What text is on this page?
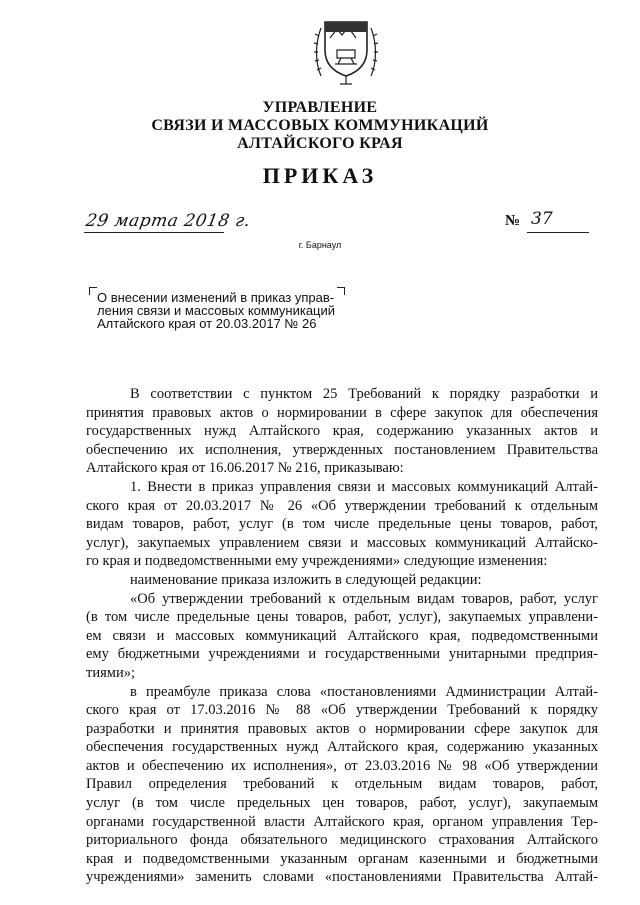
УПРАВЛЕНИЕ
СВЯЗИ И МАССОВЫХ КОММУНИКАЦИЙ
АЛТАЙСКОГО КРАЯ
ПРИКАЗ
29 марта 2018 г.	№ 37
г. Барнаул
О внесении изменений в приказ управ-
ления связи и массовых коммуникаций
Алтайского края от 20.03.2017 № 26
В соответствии с пунктом 25 Требований к порядку разработки и
принятия правовых актов о нормировании в сфере закупок для обеспечения
государственных нужд Алтайского края, содержанию указанных актов и
обеспечению их исполнения, утвержденных постановлением Правительства
Алтайского края от 16.06.2017 № 216, приказываю:
1. Внести в приказ управления связи и массовых коммуникаций Алтай-
ского края от 20.03.2017 № 26 «Об утверждении требований к отдельным
видам товаров, работ, услуг (в том числе предельные цены товаров, работ,
услуг), закупаемых управлением связи и массовых коммуникаций Алтайско-
го края и подведомственными ему учреждениями» следующие изменения:
наименование приказа изложить в следующей редакции:
«Об утверждении требований к отдельным видам товаров, работ, услуг
(в том числе предельные цены товаров, работ, услуг), закупаемых управлени-
ем связи и массовых коммуникаций Алтайского края, подведомственными
ему бюджетными учреждениями и государственными унитарными предприя-
тиями»;
в преамбуле приказа слова «постановлениями Администрации Алтай-
ского края от 17.03.2016 № 88 «Об утверждении Требований к порядку
разработки и принятия правовых актов о нормировании сфере закупок для
обеспечения государственных нужд Алтайского края, содержанию указанных
актов и обеспечению их исполнения», от 23.03.2016 № 98 «Об утверждении
Правил определения требований к отдельным видам товаров, работ,
услуг (в том числе предельных цен товаров, работ, услуг), закупаемым
органами государственной власти Алтайского края, органом управления Тер-
риториального фонда обязательного медицинского страхования Алтайского
края и подведомственными указанным органам казенными и бюджетными
учреждениями» заменить словами «постановлениями Правительства Алтай-
